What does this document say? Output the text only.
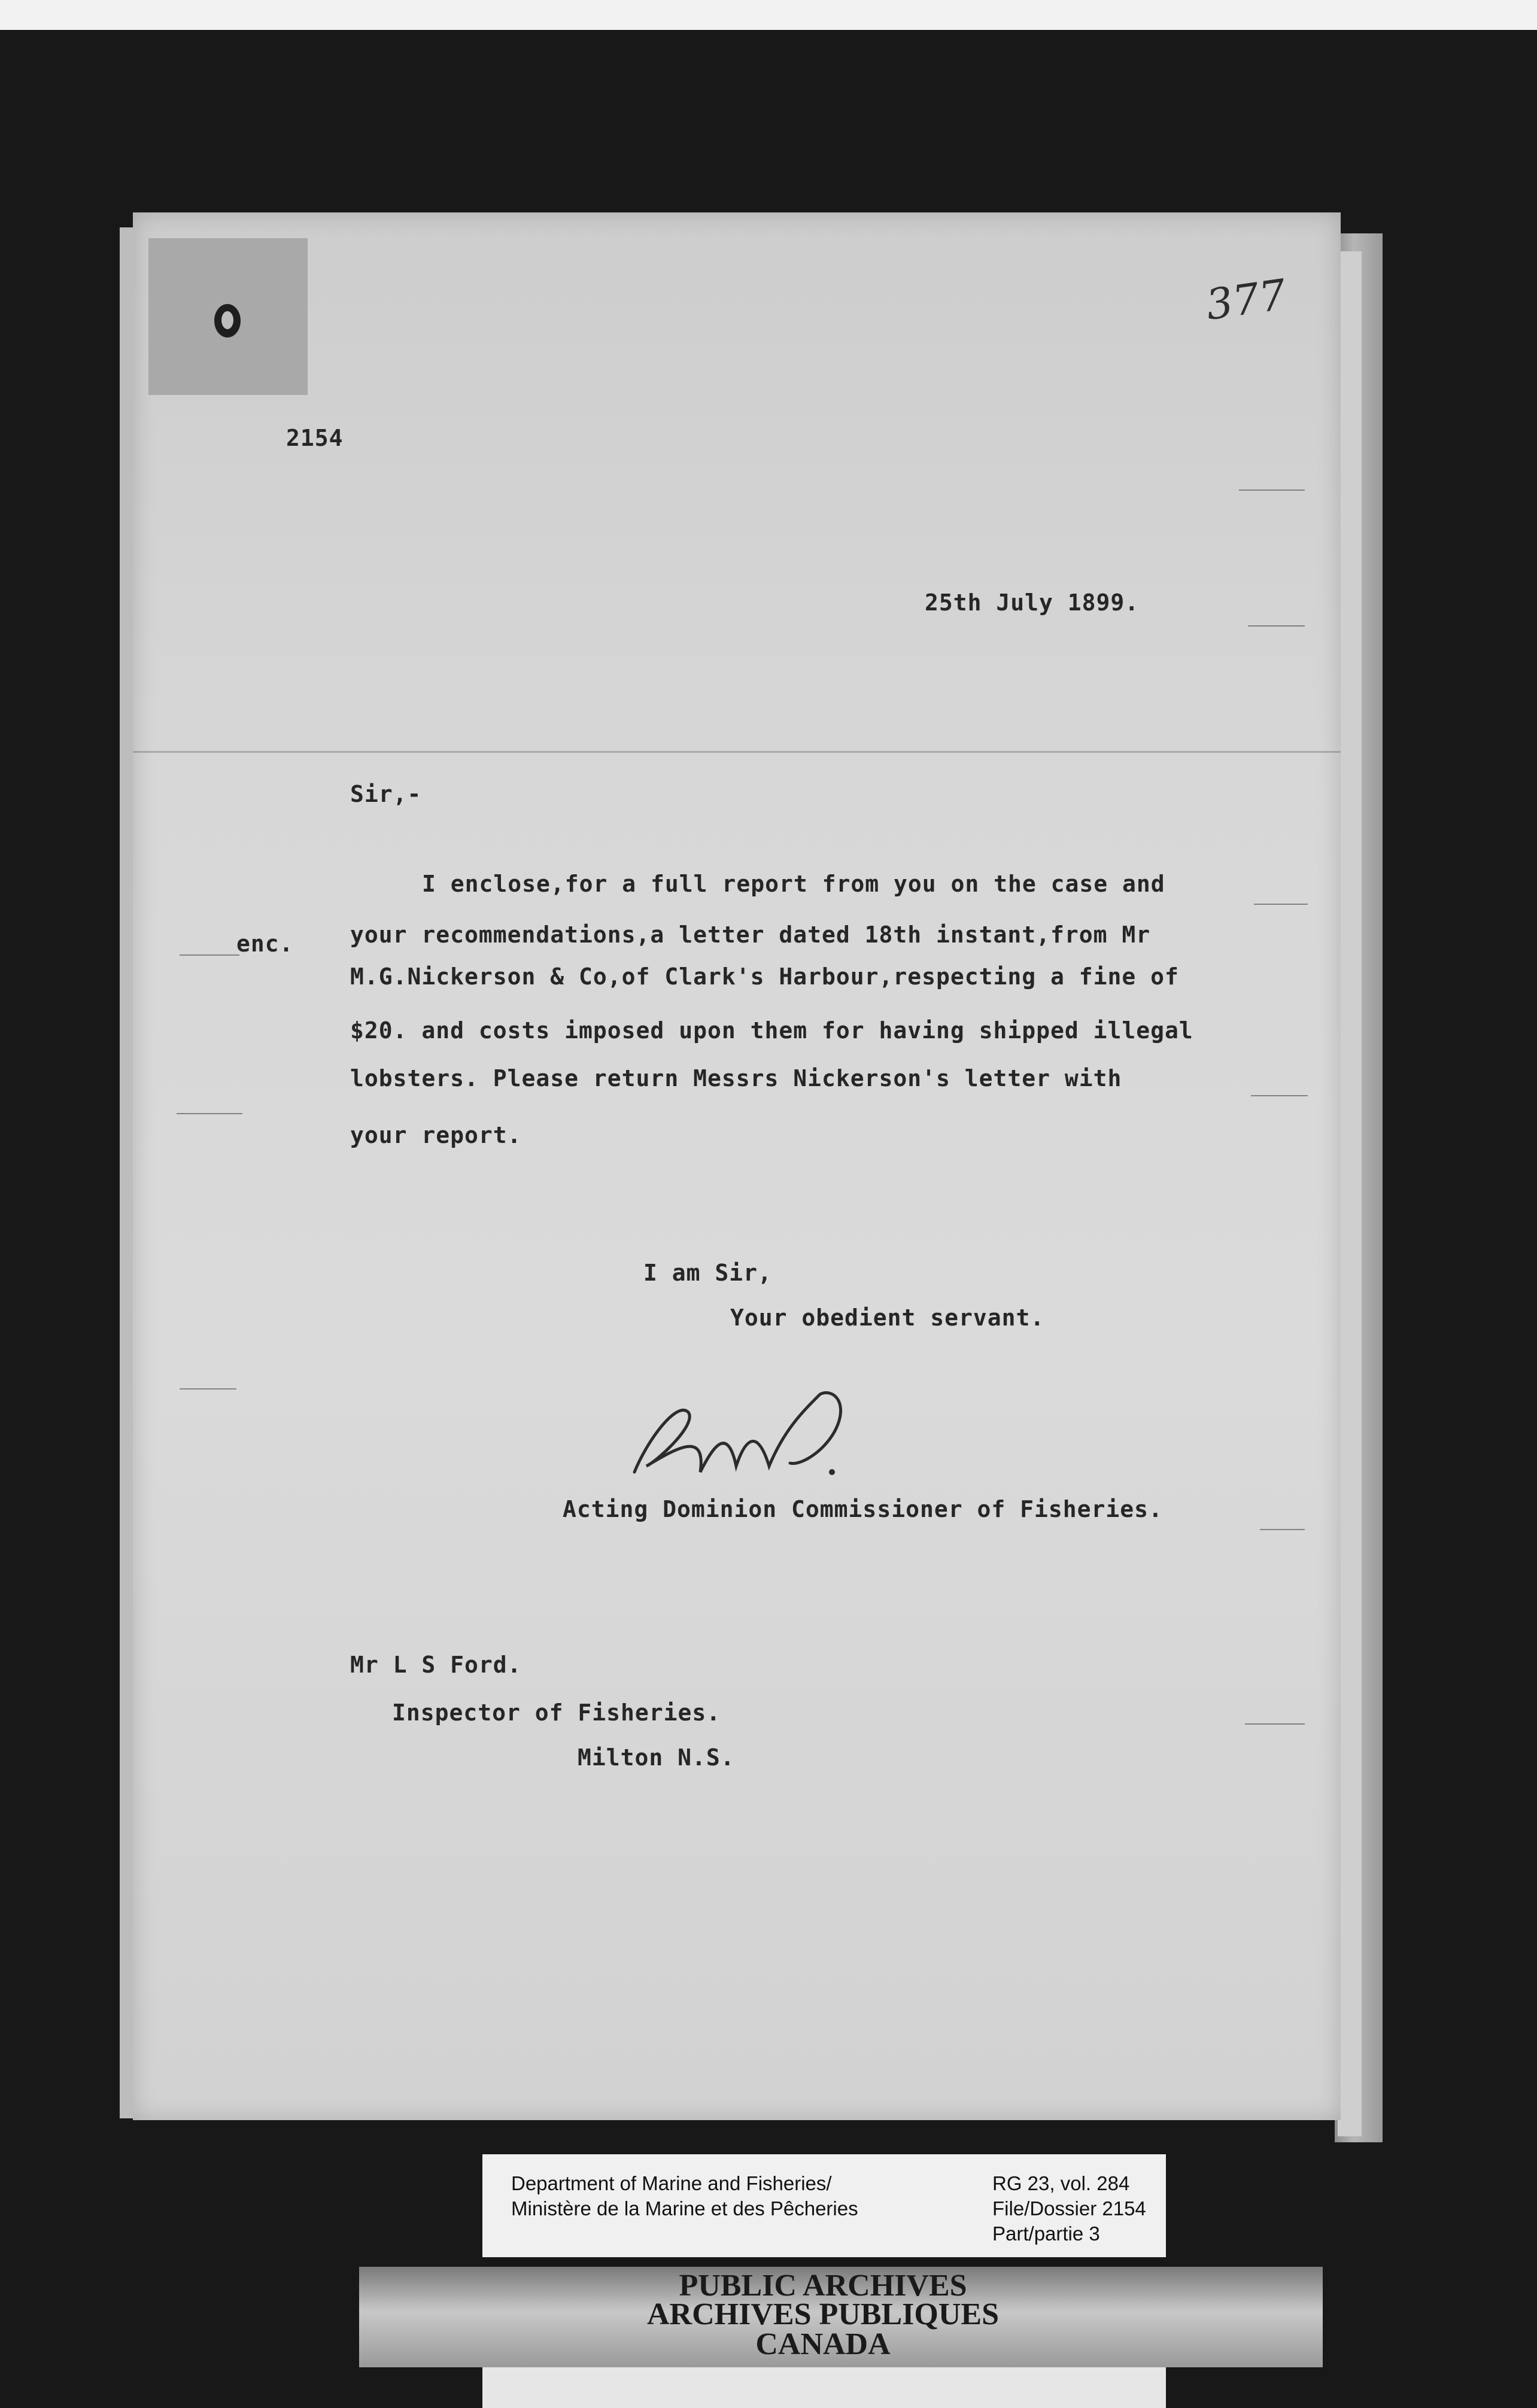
377
2154
25th July 1899.
Sir,-
enc.
I enclose,for a full report from you on the case and
your recommendations,a letter dated 18th instant,from Mr
M.G.Nickerson & Co,of Clark's Harbour,respecting a fine of
$20. and costs imposed upon them for having shipped illegal
lobsters. Please return Messrs Nickerson's letter with
your report.
I am Sir,
Your obedient servant.
Acting Dominion Commissioner of Fisheries.
Mr L S Ford.
Inspector of Fisheries.
Milton N.S.
Department of Marine and Fisheries/
Ministère de la Marine et des Pêcheries
RG 23, vol. 284
File/Dossier 2154
Part/partie 3
PUBLIC ARCHIVES
ARCHIVES PUBLIQUES
CANADA
